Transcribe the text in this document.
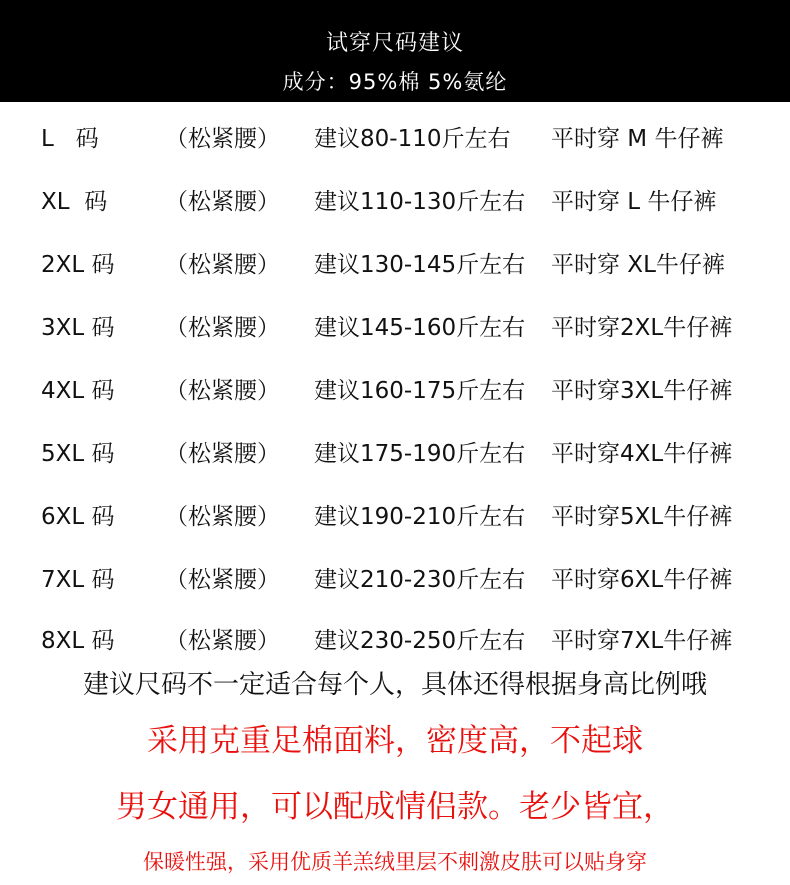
试穿尺码建议
成分：95%棉 5%氨纶
L   码	（松紧腰） 建议80-110斤左右 平时穿 M 牛仔裤
XL  码	（松紧腰） 建议110-130斤左右 平时穿 L 牛仔裤
2XL 码 （松紧腰） 建议130-145斤左右 平时穿 XL牛仔裤
3XL 码 （松紧腰） 建议145-160斤左右 平时穿2XL牛仔裤
4XL 码 （松紧腰） 建议160-175斤左右 平时穿3XL牛仔裤
5XL 码 （松紧腰） 建议175-190斤左右 平时穿4XL牛仔裤
6XL 码 （松紧腰） 建议190-210斤左右 平时穿5XL牛仔裤
7XL 码 （松紧腰） 建议210-230斤左右 平时穿6XL牛仔裤
8XL 码 （松紧腰） 建议230-250斤左右 平时穿7XL牛仔裤
建议尺码不一定适合每个人，具体还得根据身高比例哦
采用克重足棉面料，密度高，不起球
男女通用，可以配成情侣款。老少皆宜，
保暖性强，采用优质羊羔绒里层不刺激皮肤可以贴身穿
